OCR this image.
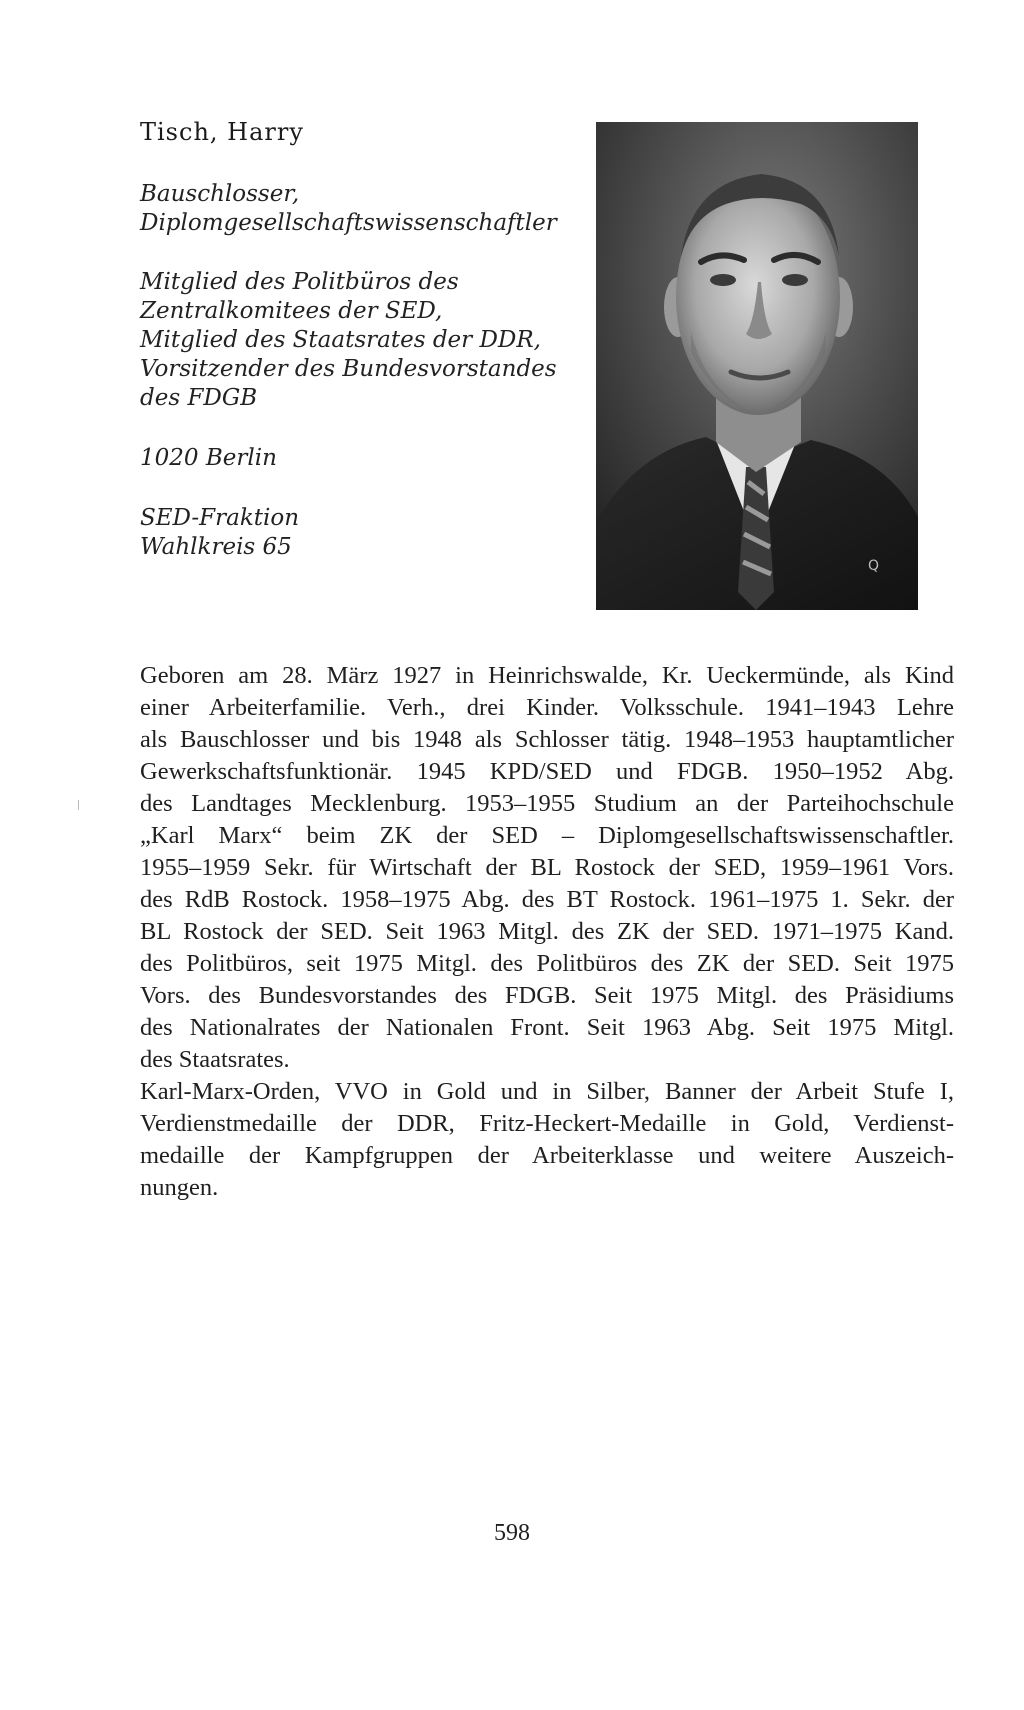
Tisch, Harry

Bauschlosser,
Diplomgesellschaftswissenschaftler

Mitglied des Politbüros des
Zentralkomitees der SED,
Mitglied des Staatsrates der DDR,
Vorsitzender des Bundesvorstandes
des FDGB

1020 Berlin

SED-Fraktion
Wahlkreis 65

Q
Geboren am 28. März 1927 in Heinrichswalde, Kr. Ueckermünde, als Kind
einer Arbeiterfamilie. Verh., drei Kinder. Volksschule. 1941–1943 Lehre
als Bauschlosser und bis 1948 als Schlosser tätig. 1948–1953 hauptamtlicher
Gewerkschaftsfunktionär. 1945 KPD/SED und FDGB. 1950–1952 Abg.
des Landtages Mecklenburg. 1953–1955 Studium an der Parteihochschule
„Karl Marx“ beim ZK der SED – Diplomgesellschaftswissenschaftler.
1955–1959 Sekr. für Wirtschaft der BL Rostock der SED, 1959–1961 Vors.
des RdB Rostock. 1958–1975 Abg. des BT Rostock. 1961–1975 1. Sekr. der
BL Rostock der SED. Seit 1963 Mitgl. des ZK der SED. 1971–1975 Kand.
des Politbüros, seit 1975 Mitgl. des Politbüros des ZK der SED. Seit 1975
Vors. des Bundesvorstandes des FDGB. Seit 1975 Mitgl. des Präsidiums
des Nationalrates der Nationalen Front. Seit 1963 Abg. Seit 1975 Mitgl.
des Staatsrates.
Karl-Marx-Orden, VVO in Gold und in Silber, Banner der Arbeit Stufe I,
Verdienstmedaille der DDR, Fritz-Heckert-Medaille in Gold, Verdienst-
medaille der Kampfgruppen der Arbeiterklasse und weitere Auszeich-
nungen.
598
